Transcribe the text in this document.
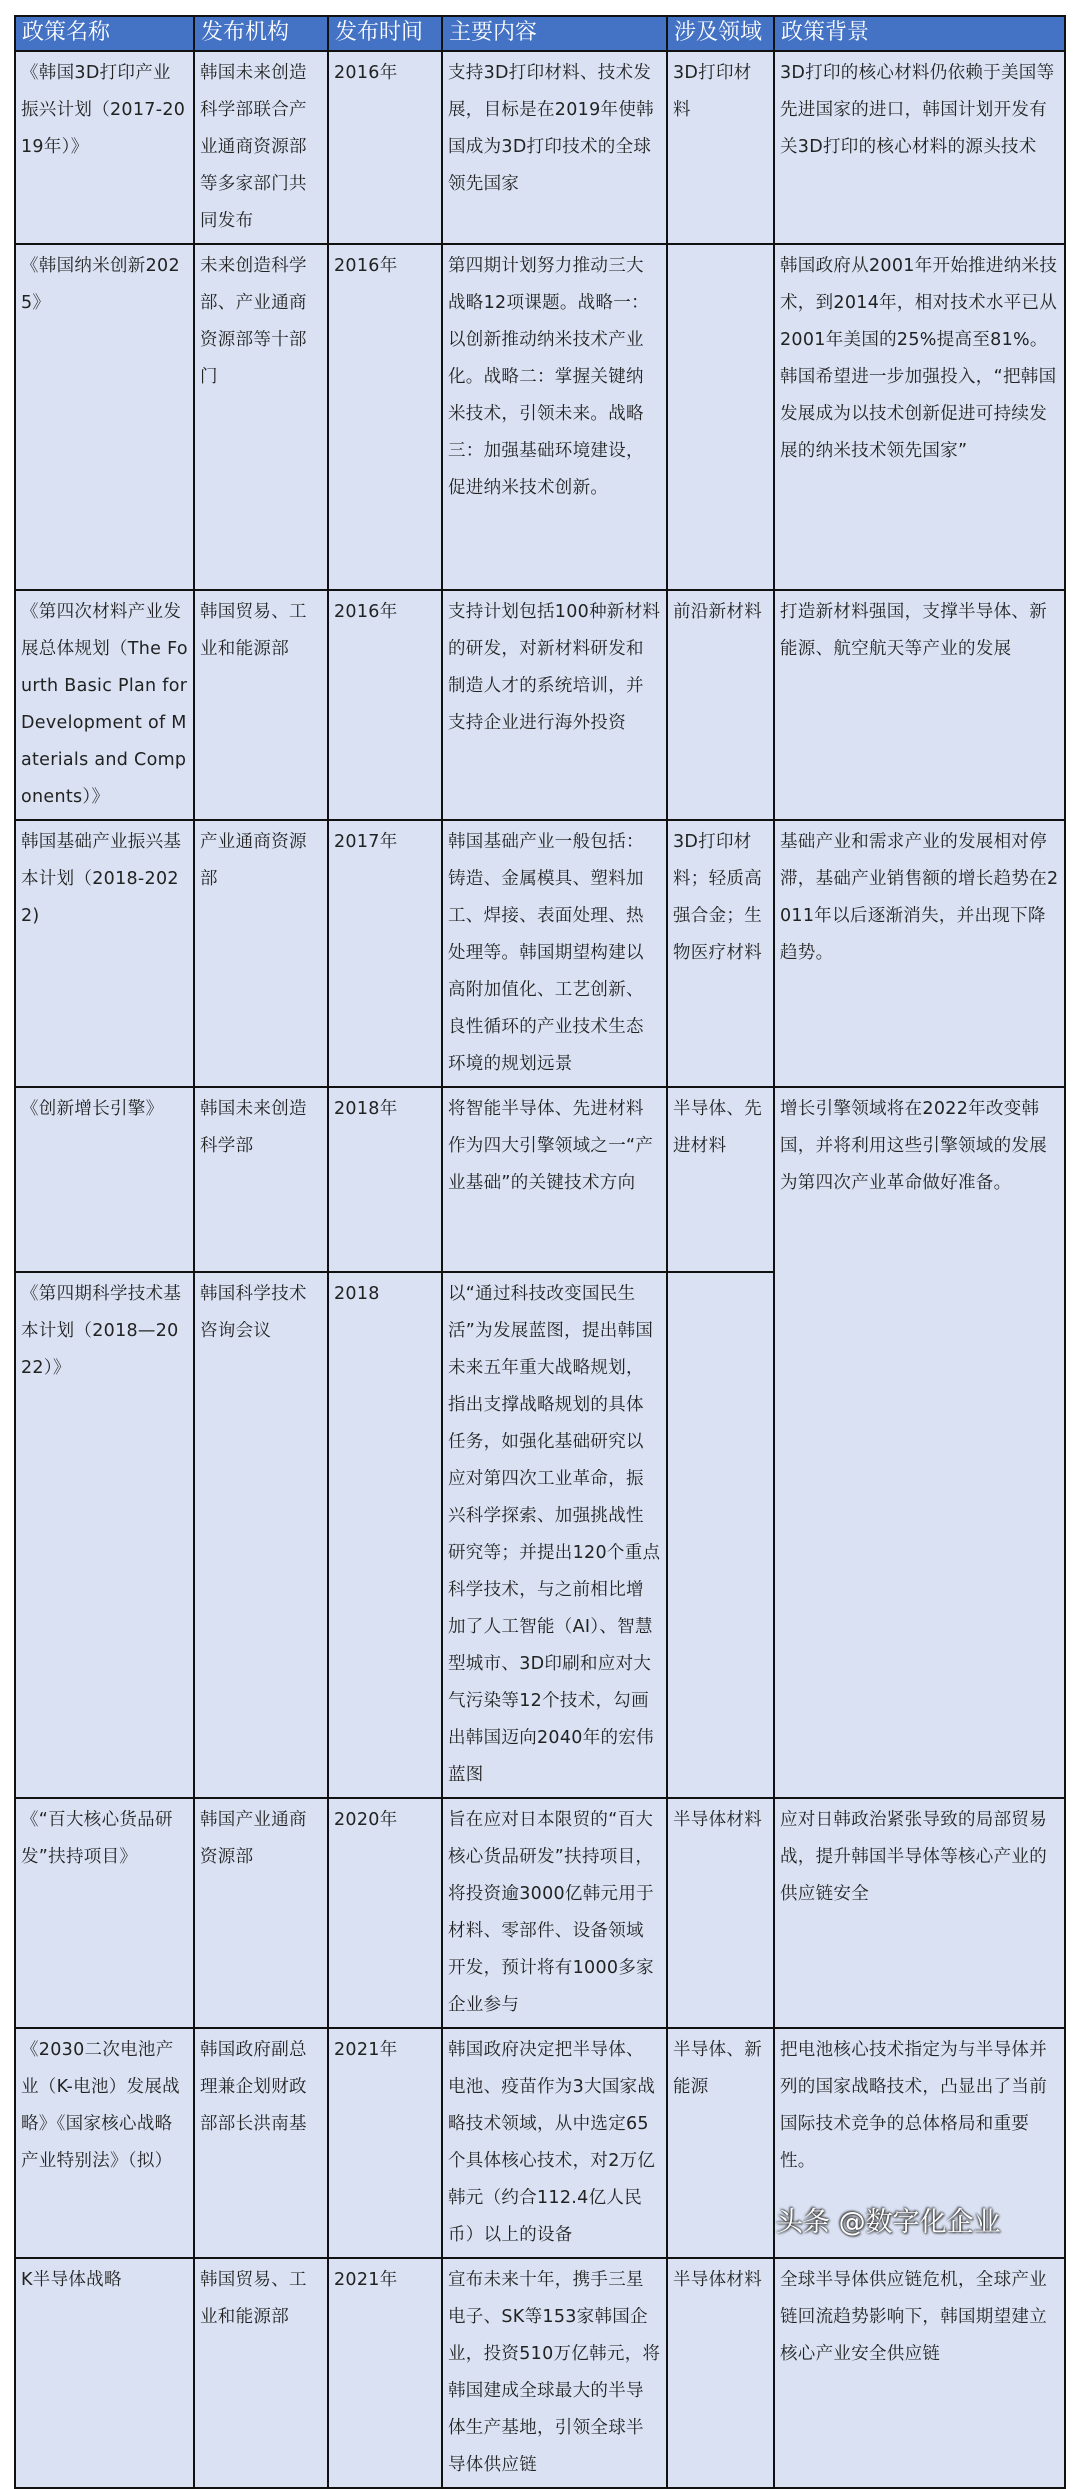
政策名称	发布机构	发布时间	主要内容	涉及领域	政策背景
《韩国3D打印产业振兴计划（2017-2019年）》	韩国未来创造科学部联合产业通商资源部等多家部门共同发布	2016年	支持3D打印材料、技术发展，目标是在2019年使韩国成为3D打印技术的全球领先国家	3D打印材料	3D打印的核心材料仍依赖于美国等先进国家的进口，韩国计划开发有关3D打印的核心材料的源头技术
《韩国纳米创新2025》	未来创造科学部、产业通商资源部等十部门	2016年	第四期计划努力推动三大战略12项课题。战略一：以创新推动纳米技术产业化。战略二：掌握关键纳米技术，引领未来。战略三：加强基础环境建设，促进纳米技术创新。		韩国政府从2001年开始推进纳米技术，到2014年，相对技术水平已从2001年美国的25%提高至81%。韩国希望进一步加强投入，“把韩国发展成为以技术创新促进可持续发展的纳米技术领先国家”
《第四次材料产业发展总体规划（The Fourth Basic Plan for Development of Materials and Components）》	韩国贸易、工业和能源部	2016年	支持计划包括100种新材料的研发，对新材料研发和制造人才的系统培训，并支持企业进行海外投资	前沿新材料	打造新材料强国，支撑半导体、新能源、航空航天等产业的发展
韩国基础产业振兴基本计划（2018-2022)	产业通商资源部	2017年	韩国基础产业一般包括：铸造、金属模具、塑料加工、焊接、表面处理、热处理等。韩国期望构建以高附加值化、工艺创新、良性循环的产业技术生态环境的规划远景	3D打印材料；轻质高强合金；生物医疗材料	基础产业和需求产业的发展相对停滞，基础产业销售额的增长趋势在2011年以后逐渐消失，并出现下降趋势。
《创新增长引擎》	韩国未来创造科学部	2018年	将智能半导体、先进材料作为四大引擎领域之一“产业基础”的关键技术方向	半导体、先进材料	增长引擎领域将在2022年改变韩国，并将利用这些引擎领域的发展为第四次产业革命做好准备。
《第四期科学技术基本计划（2018—2022）》	韩国科学技术咨询会议	2018	以“通过科技改变国民生活”为发展蓝图，提出韩国未来五年重大战略规划，指出支撑战略规划的具体任务，如强化基础研究以应对第四次工业革命，振兴科学探索、加强挑战性研究等；并提出120个重点科学技术，与之前相比增加了人工智能（AI）、智慧型城市、3D印刷和应对大气污染等12个技术，勾画出韩国迈向2040年的宏伟蓝图		
《“百大核心货品研发”扶持项目》	韩国产业通商资源部	2020年	旨在应对日本限贸的“百大核心货品研发”扶持项目，将投资逾3000亿韩元用于材料、零部件、设备领域开发，预计将有1000多家企业参与	半导体材料	应对日韩政治紧张导致的局部贸易战，提升韩国半导体等核心产业的供应链安全
《2030二次电池产业（K-电池）发展战略》《国家核心战略产业特别法》（拟）	韩国政府副总理兼企划财政部部长洪南基	2021年	韩国政府决定把半导体、电池、疫苗作为3大国家战略技术领域，从中选定65个具体核心技术，对2万亿韩元（约合112.4亿人民币）以上的设备	半导体、新能源	把电池核心技术指定为与半导体并列的国家战略技术，凸显出了当前国际技术竞争的总体格局和重要性。
K半导体战略	韩国贸易、工业和能源部	2021年	宣布未来十年，携手三星电子、SK等153家韩国企业，投资510万亿韩元，将韩国建成全球最大的半导体生产基地，引领全球半导体供应链	半导体材料	全球半导体供应链危机，全球产业链回流趋势影响下，韩国期望建立核心产业安全供应链
头条 @数字化企业
